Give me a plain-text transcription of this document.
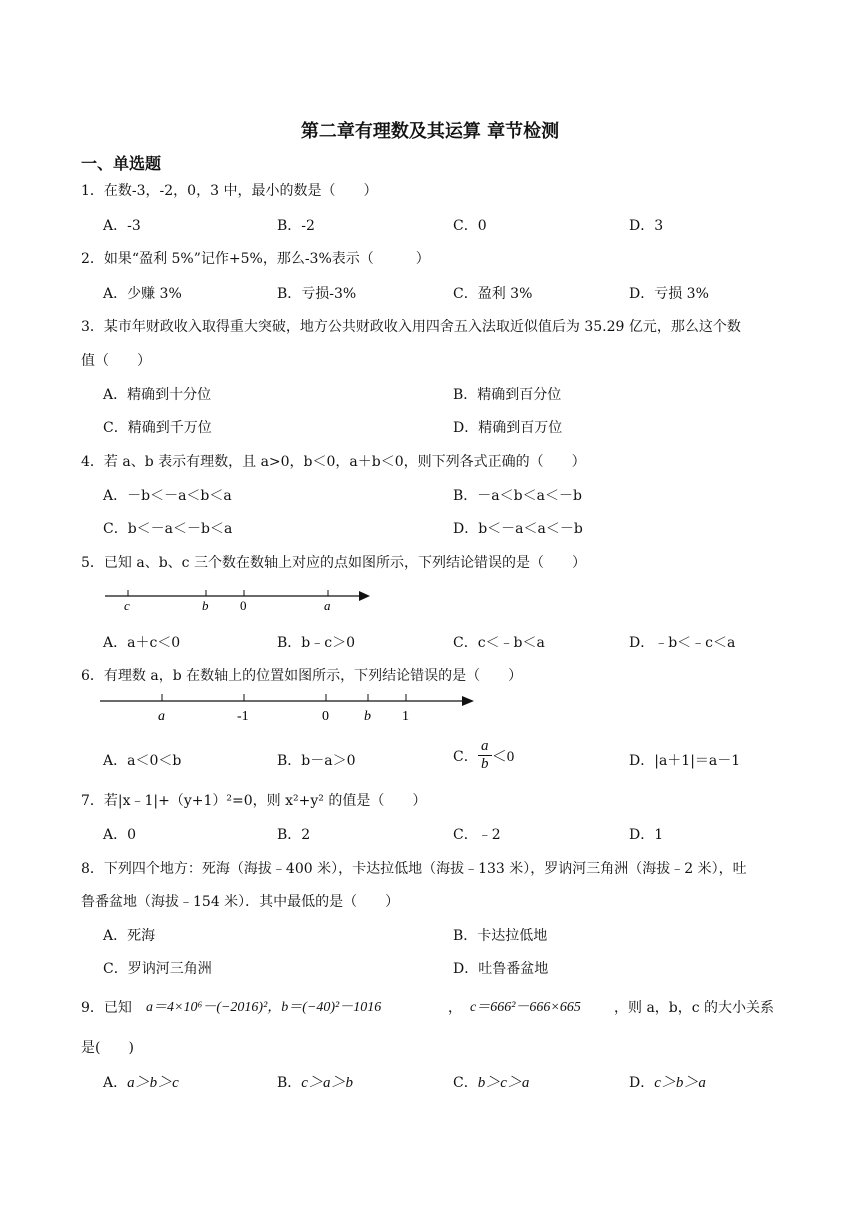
第二章有理数及其运算 章节检测
一、单选题
1．在数-3，-2，0，3 中，最小的数是（　　）
A．-3	B．-2	C．0	D．3
2．如果“盈利 5%”记作+5%，那么-3%表示（　　　）
A．少赚 3%	B．亏损-3%	C．盈利 3%	D．亏损 3%
3．某市年财政收入取得重大突破，地方公共财政收入用四舍五入法取近似值后为 35.29 亿元，那么这个数
值（　　）
A．精确到十分位	B．精确到百分位
C．精确到千万位	D．精确到百万位
4．若 a、b 表示有理数，且 a>0，b＜0，a＋b＜0，则下列各式正确的（　　）
A．－b＜－a＜b＜a	B．－a＜b＜a＜－b
C．b＜－a＜－b＜a	D．b＜－a＜a＜－b
5．已知 a、b、c 三个数在数轴上对应的点如图所示，下列结论错误的是（　　）
c	b 0	a
A．a＋c＜0	B．b﹣c＞0	C．c＜﹣b＜a	D．﹣b＜﹣c＜a
6．有理数 a，b 在数轴上的位置如图所示，下列结论错误的是（　　）
a	-1	0	b 1
A．a＜0＜b	B．b－a＞0	C． $\frac{a}{b} <0$	D．|a＋1|＝a－1
7．若|x﹣1|+（y+1）²=0，则 x²+y² 的值是（　　）
A．0	B．2	C．﹣2	D．1
8．下列四个地方：死海（海拔﹣400 米），卡达拉低地（海拔﹣133 米），罗讷河三角洲（海拔﹣2 米），吐
鲁番盆地（海拔﹣154 米）．其中最低的是（　　）
A．死海	B．卡达拉低地
C．罗讷河三角洲	D．吐鲁番盆地
9．已知 a＝4×10⁶－(−2016)²，b＝(−40)²－1016	， c＝666²－666×665 ，则 a，b，c 的大小关系
是(　　)
A．a＞b＞c	B．c＞a＞b	C．b＞c＞a	D．c＞b＞a
